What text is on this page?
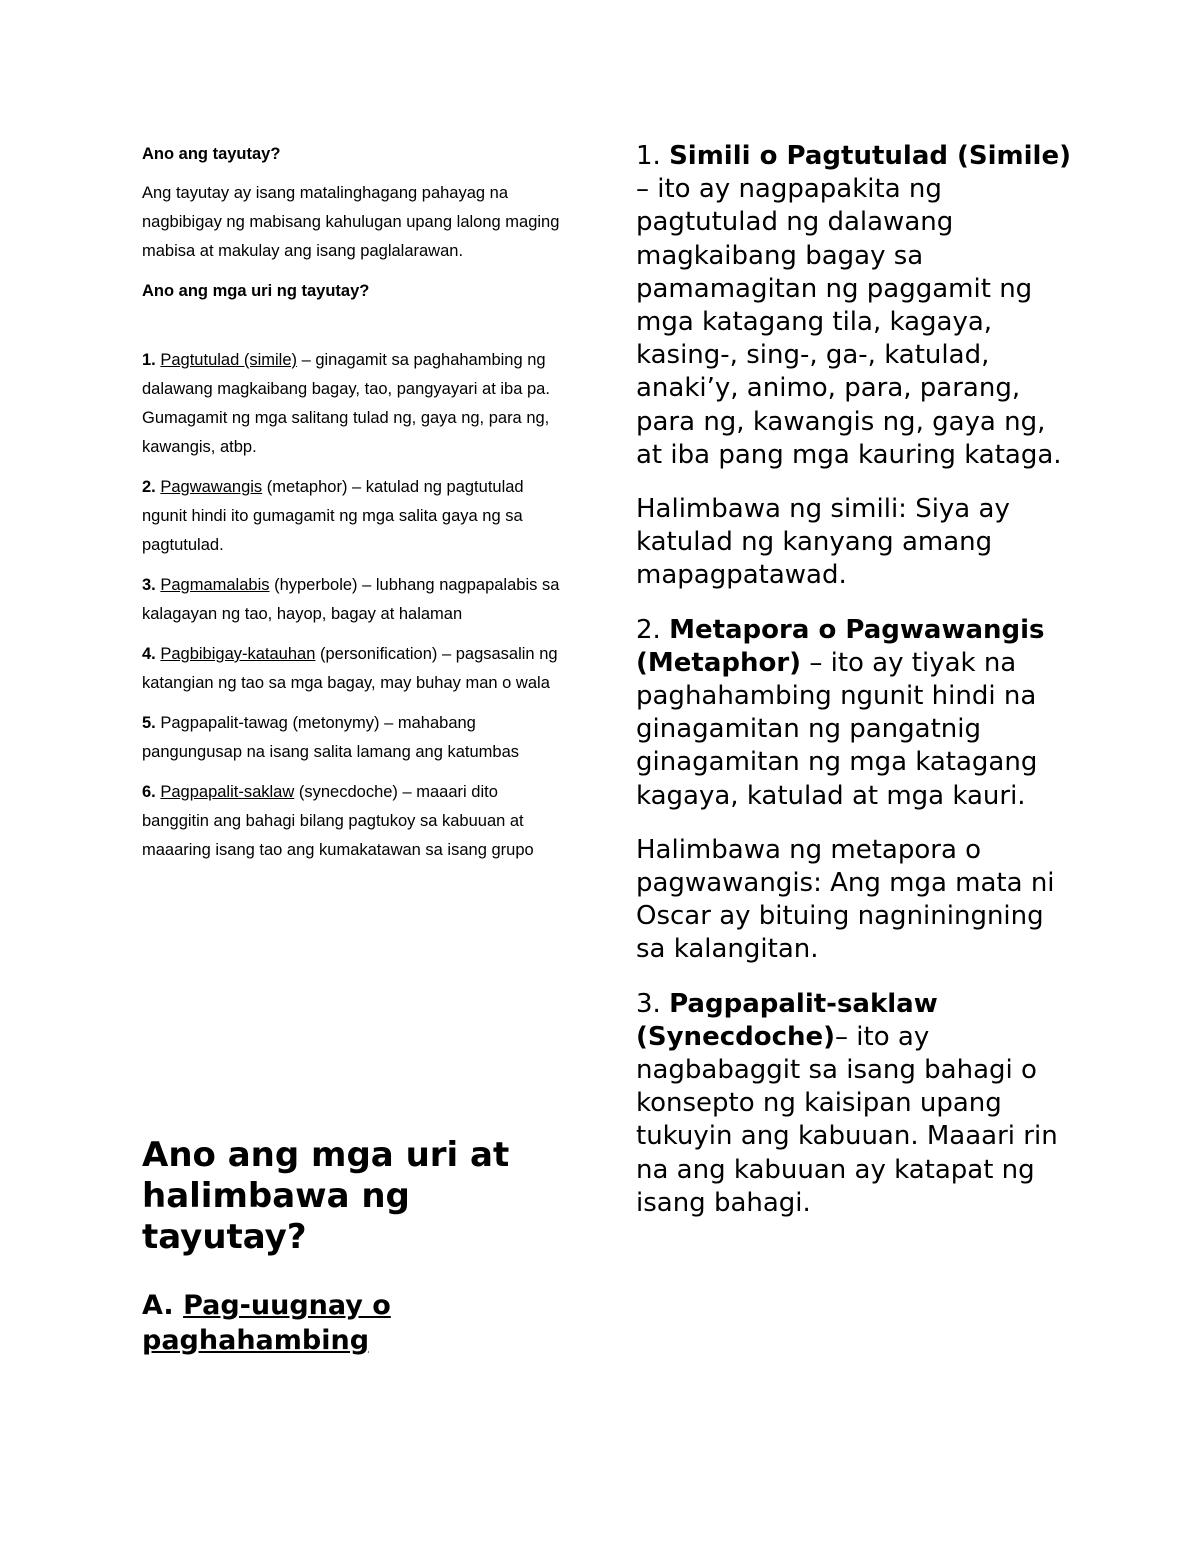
Ano ang tayutay?

Ang tayutay ay isang matalinghagang pahayag na nagbibigay ng mabisang kahulugan upang lalong maging mabisa at makulay ang isang paglalarawan.

Ano ang mga uri ng tayutay?

1. Pagtutulad (simile) – ginagamit sa paghahambing ng dalawang magkaibang bagay, tao, pangyayari at iba pa. Gumagamit ng mga salitang tulad ng, gaya ng, para ng, kawangis, atbp.

2. Pagwawangis (metaphor) – katulad ng pagtutulad ngunit hindi ito gumagamit ng mga salita gaya ng sa pagtutulad.

3. Pagmamalabis (hyperbole) – lubhang nagpapalabis sa kalagayan ng tao, hayop, bagay at halaman

4. Pagbibigay-katauhan (personification) – pagsasalin ng katangian ng tao sa mga bagay, may buhay man o wala

5. Pagpapalit-tawag (metonymy) – mahabang pangungusap na isang salita lamang ang katumbas

6. Pagpapalit-saklaw (synecdoche) – maaari dito banggitin ang bahagi bilang pagtukoy sa kabuuan at maaaring isang tao ang kumakatawan sa isang grupo

Ano ang mga uri at halimbawa ng tayutay?
A. Pag-uugnay o paghahambing

1. Simili o Pagtutulad (Simile) – ito ay nagpapakita ng pagtutulad ng dalawang magkaibang bagay sa pamamagitan ng paggamit ng mga katagang tila, kagaya, kasing-, sing-, ga-, katulad, anaki’y, animo, para, parang, para ng, kawangis ng, gaya ng, at iba pang mga kauring kataga.

Halimbawa ng simili: Siya ay katulad ng kanyang amang mapagpatawad.

2. Metapora o Pagwawangis (Metaphor) – ito ay tiyak na paghahambing ngunit hindi na ginagamitan ng pangatnig ginagamitan ng mga katagang kagaya, katulad at mga kauri.

Halimbawa ng metapora o pagwawangis: Ang mga mata ni Oscar ay bituing nagniningning sa kalangitan.

3. Pagpapalit-saklaw (Synecdoche)– ito ay nagbabaggit sa isang bahagi o konsepto ng kaisipan upang tukuyin ang kabuuan. Maaari rin na ang kabuuan ay katapat ng isang bahagi.
